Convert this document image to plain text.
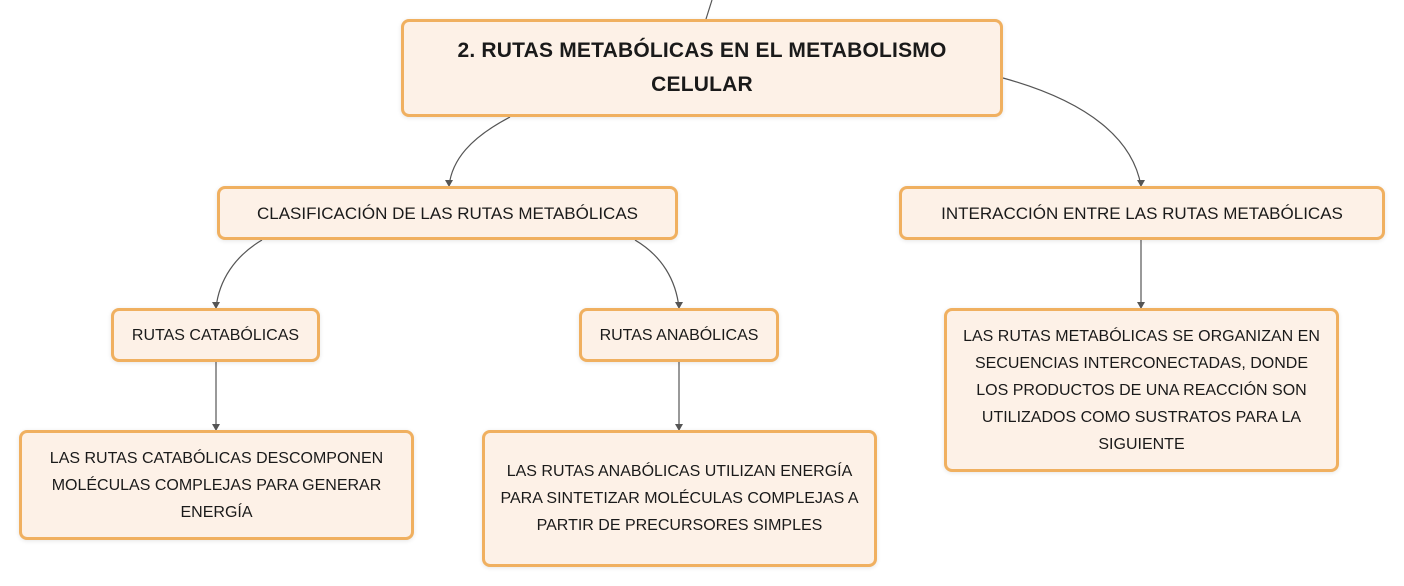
2. RUTAS METABÓLICAS EN EL METABOLISMO CELULAR
CLASIFICACIÓN DE LAS RUTAS METABÓLICAS	INTERACCIÓN ENTRE LAS RUTAS METABÓLICAS
RUTAS CATABÓLICAS	RUTAS ANABÓLICAS
LAS RUTAS CATABÓLICAS DESCOMPONEN MOLÉCULAS COMPLEJAS PARA GENERAR ENERGÍA
LAS RUTAS ANABÓLICAS UTILIZAN ENERGÍA PARA SINTETIZAR MOLÉCULAS COMPLEJAS A PARTIR DE PRECURSORES SIMPLES
LAS RUTAS METABÓLICAS SE ORGANIZAN EN SECUENCIAS INTERCONECTADAS, DONDE LOS PRODUCTOS DE UNA REACCIÓN SON UTILIZADOS COMO SUSTRATOS PARA LA SIGUIENTE
